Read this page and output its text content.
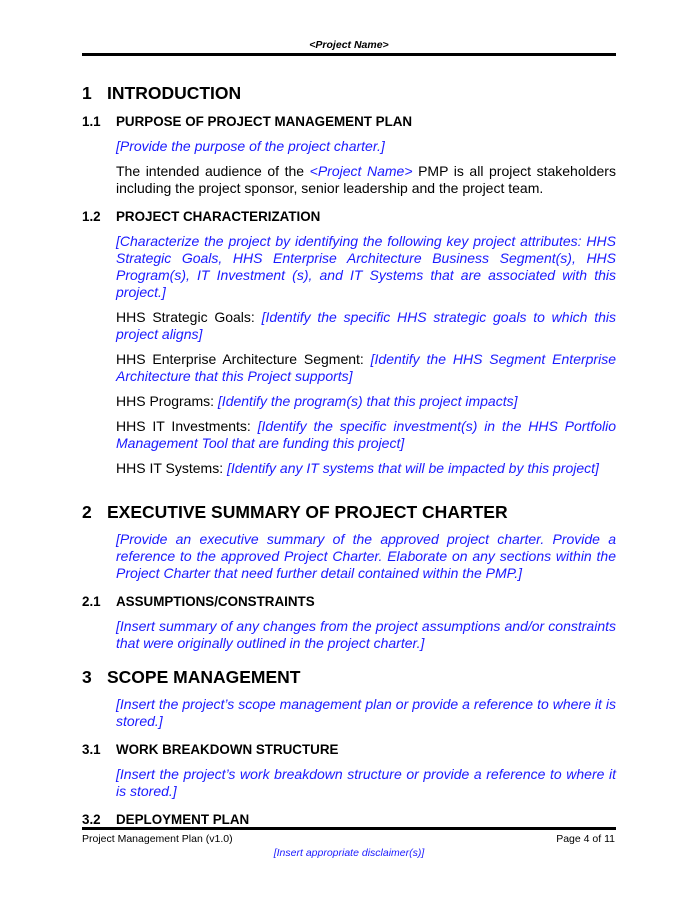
<Project Name>
1 INTRODUCTION
1.1 PURPOSE OF PROJECT MANAGEMENT PLAN

[Provide the purpose of the project charter.]

The intended audience of the <Project Name> PMP is all project stakeholders including the project sponsor, senior leadership and the project team.

1.2 PROJECT CHARACTERIZATION

[Characterize the project by identifying the following key project attributes: HHS Strategic Goals, HHS Enterprise Architecture Business Segment(s), HHS Program(s), IT Investment (s), and IT Systems that are associated with this project.]

HHS Strategic Goals: [Identify the specific HHS strategic goals to which this project aligns]

HHS Enterprise Architecture Segment: [Identify the HHS Segment Enterprise Architecture that this Project supports]

HHS Programs: [Identify the program(s) that this project impacts]

HHS IT Investments: [Identify the specific investment(s) in the HHS Portfolio Management Tool that are funding this project]

HHS IT Systems: [Identify any IT systems that will be impacted by this project]

2 EXECUTIVE SUMMARY OF PROJECT CHARTER

[Provide an executive summary of the approved project charter. Provide a reference to the approved Project Charter. Elaborate on any sections within the Project Charter that need further detail contained within the PMP.]

2.1 ASSUMPTIONS/CONSTRAINTS

[Insert summary of any changes from the project assumptions and/or constraints that were originally outlined in the project charter.]

3 SCOPE MANAGEMENT

[Insert the project’s scope management plan or provide a reference to where it is stored.]

3.1 WORK BREAKDOWN STRUCTURE

[Insert the project’s work breakdown structure or provide a reference to where it is stored.]

3.2 DEPLOYMENT PLAN

Project Management Plan (v1.0)	Page 4 of 11
[Insert appropriate disclaimer(s)]
